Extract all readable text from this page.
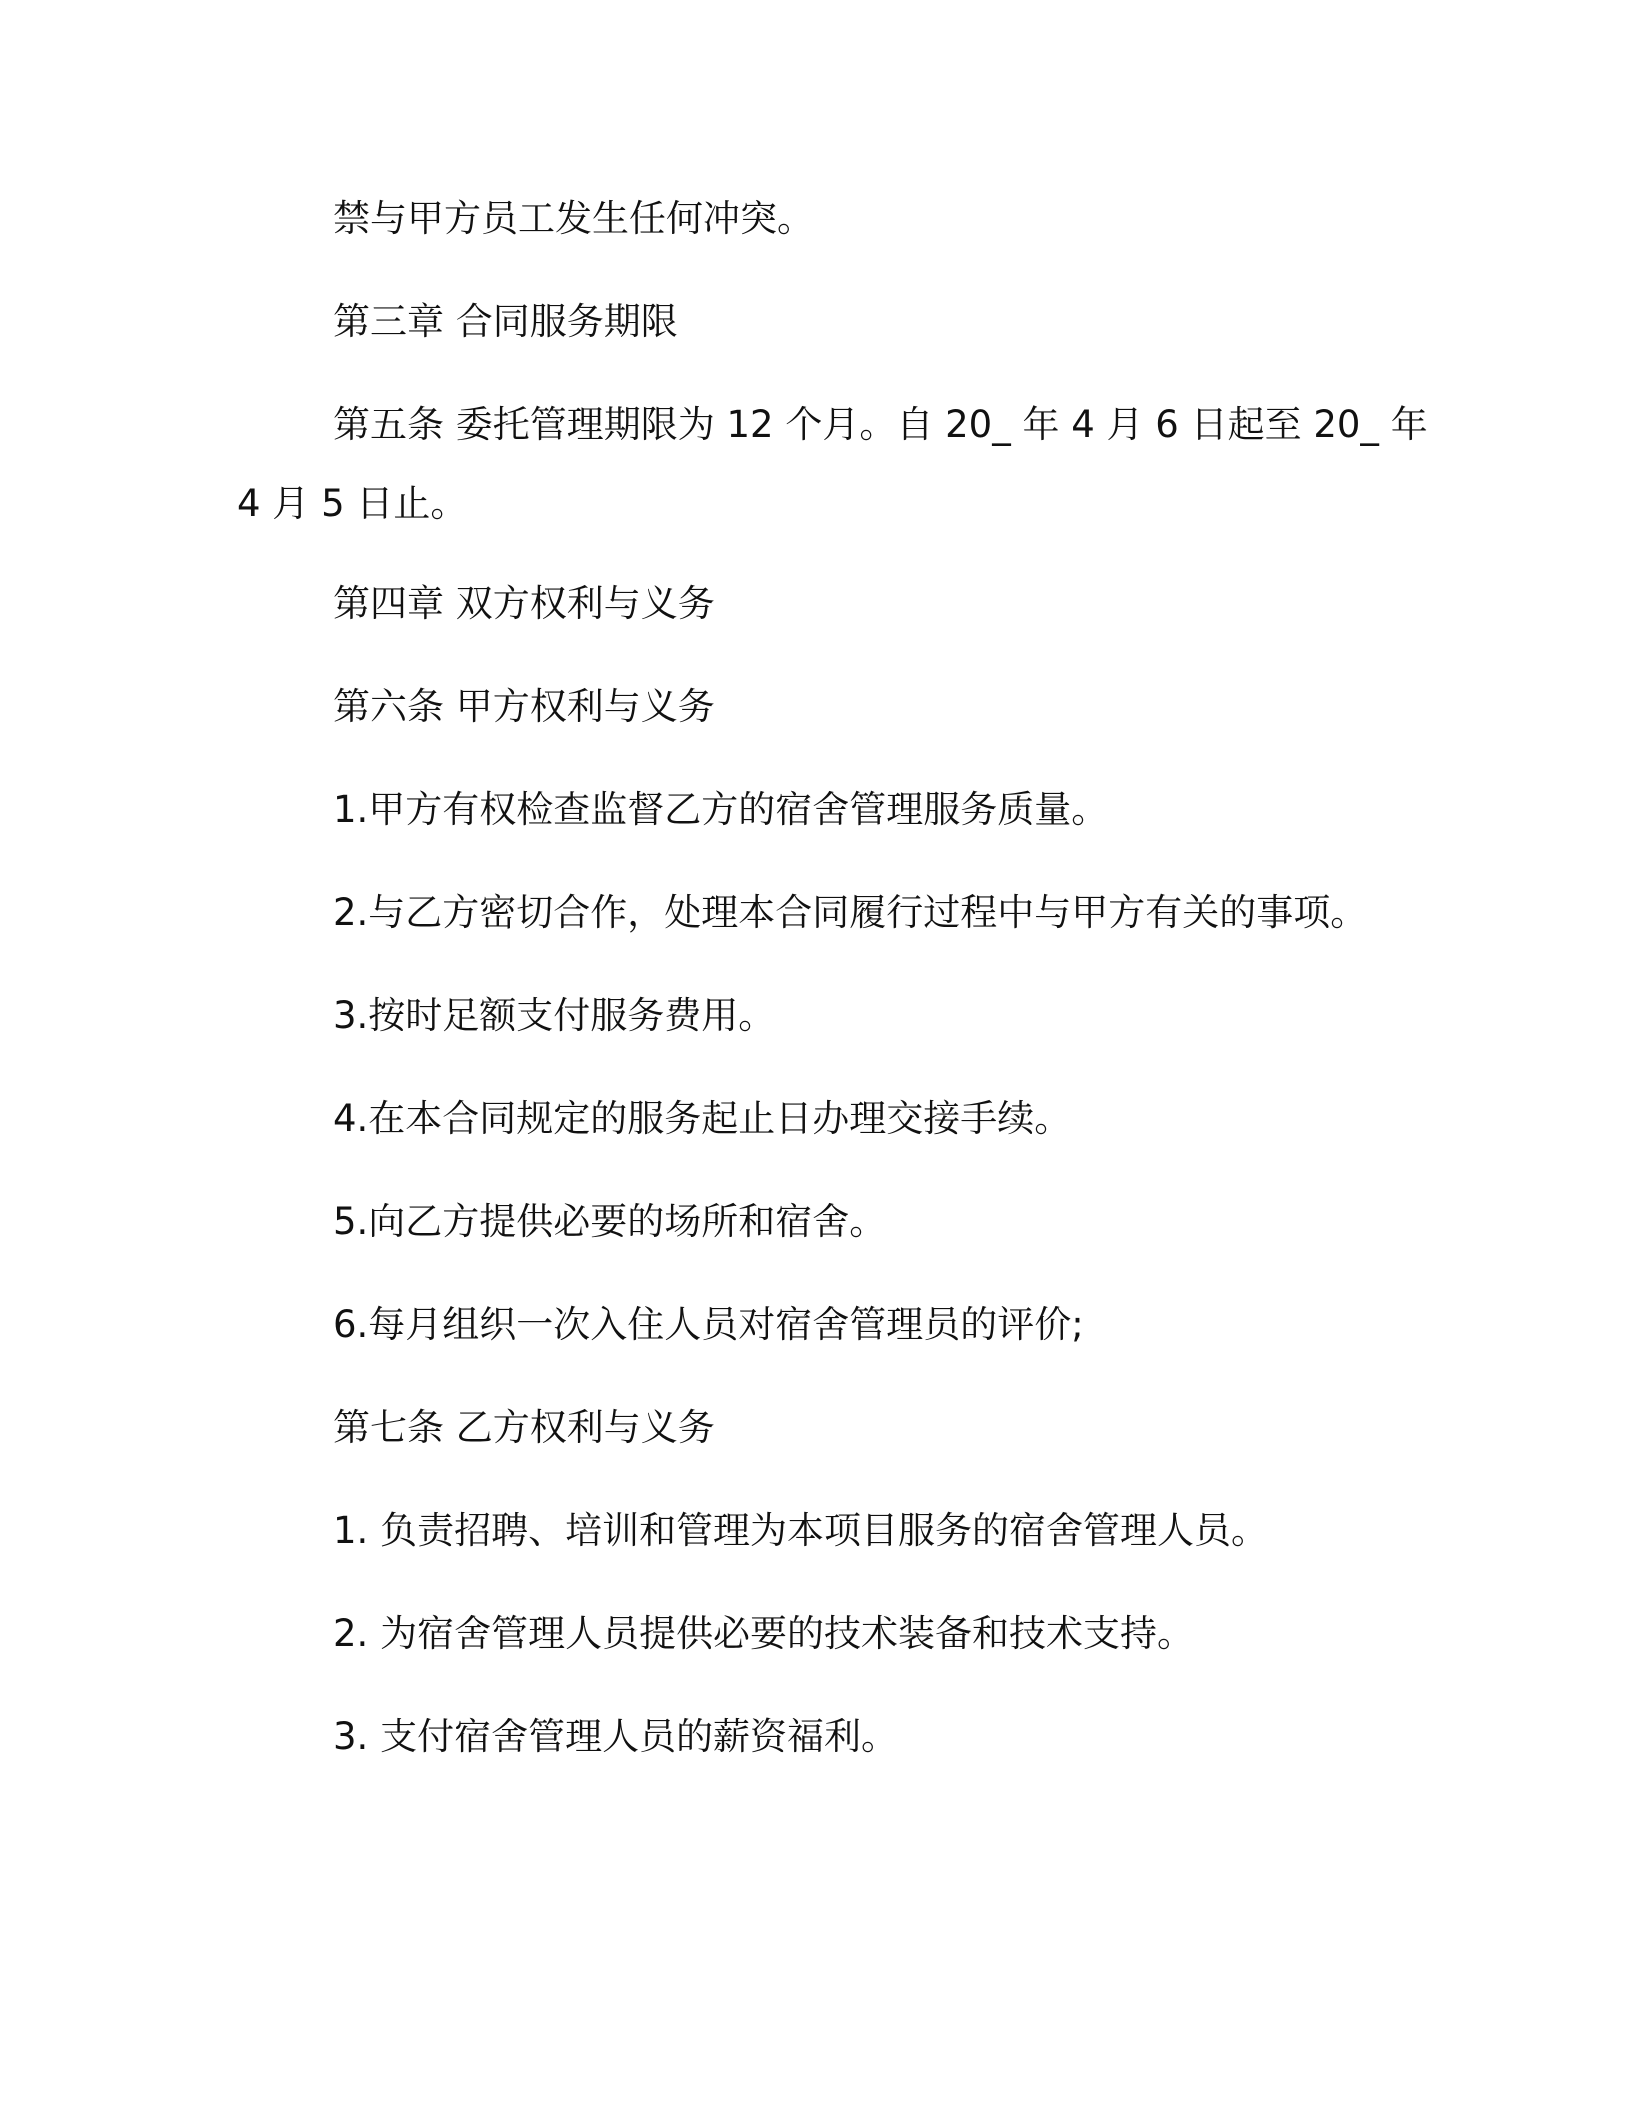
禁与甲方员工发生任何冲突。

第三章 合同服务期限

第五条 委托管理期限为 12 个月。自 20_ 年 4 月 6 日起至 20_ 年

4 月 5 日止。

第四章 双方权利与义务

第六条 甲方权利与义务

1.甲方有权检查监督乙方的宿舍管理服务质量。

2.与乙方密切合作，处理本合同履行过程中与甲方有关的事项。

3.按时足额支付服务费用。

4.在本合同规定的服务起止日办理交接手续。

5.向乙方提供必要的场所和宿舍。

6.每月组织一次入住人员对宿舍管理员的评价;

第七条 乙方权利与义务

1. 负责招聘、培训和管理为本项目服务的宿舍管理人员。

2. 为宿舍管理人员提供必要的技术装备和技术支持。

3. 支付宿舍管理人员的薪资福利。
